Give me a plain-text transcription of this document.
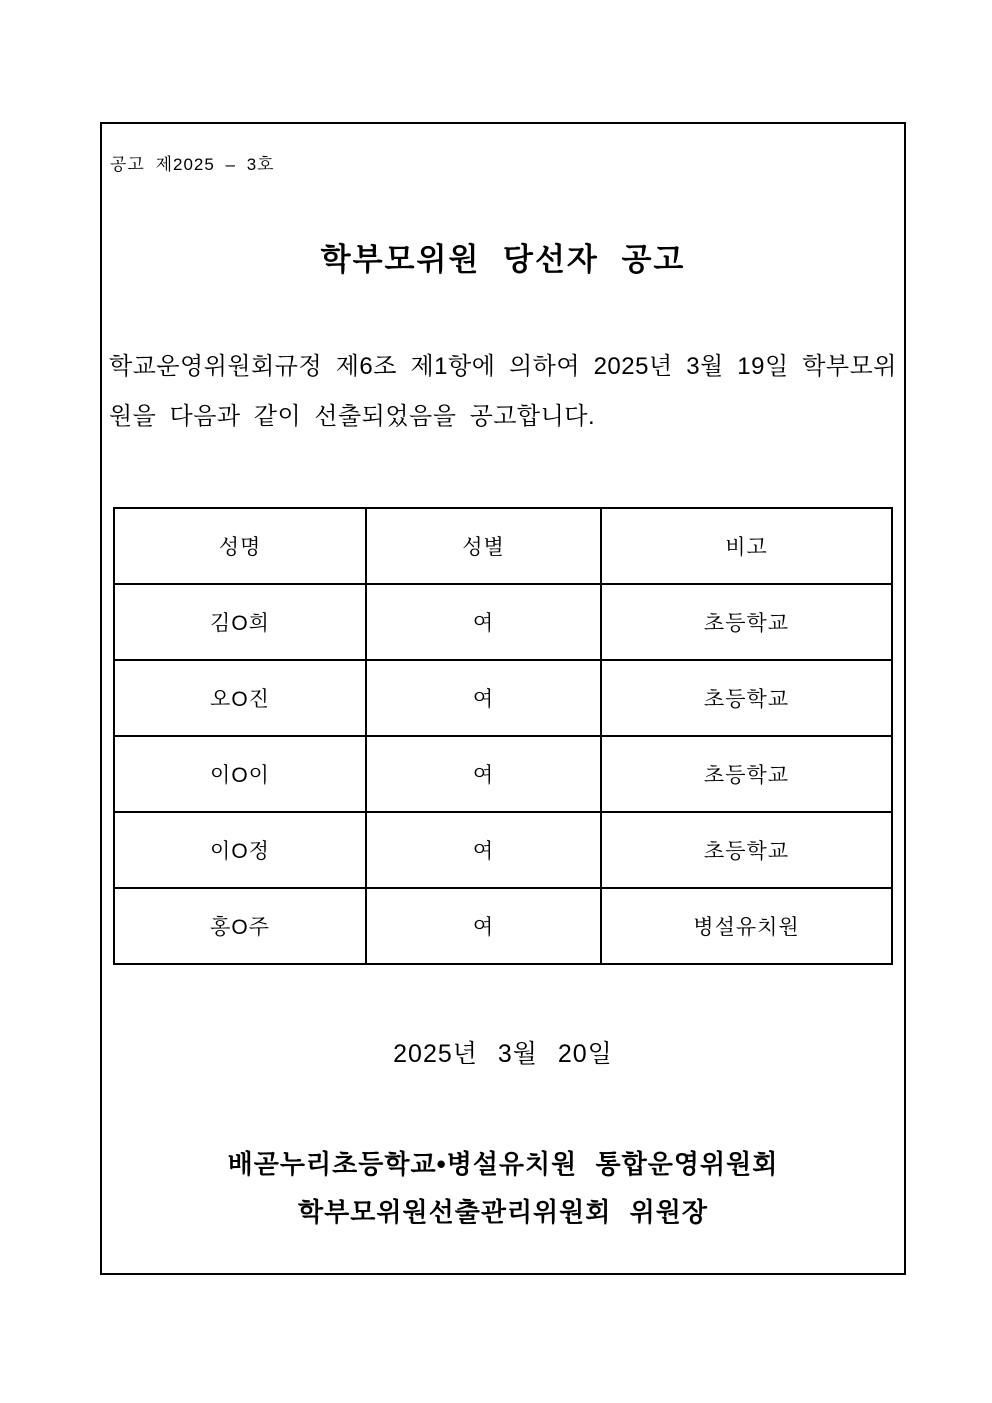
공고 제2025 – 3호
학부모위원 당선자 공고
학교운영위원회규정 제6조 제1항에 의하여 2025년 3월 19일 학부모위
원을 다음과 같이 선출되었음을 공고합니다.
성명	성별	비고
김O희	여	초등학교
오O진	여	초등학교
이O이	여	초등학교
이O정	여	초등학교
홍O주	여	병설유치원
2025년 3월 20일
배곧누리초등학교•병설유치원 통합운영위원회
학부모위원선출관리위원회 위원장
